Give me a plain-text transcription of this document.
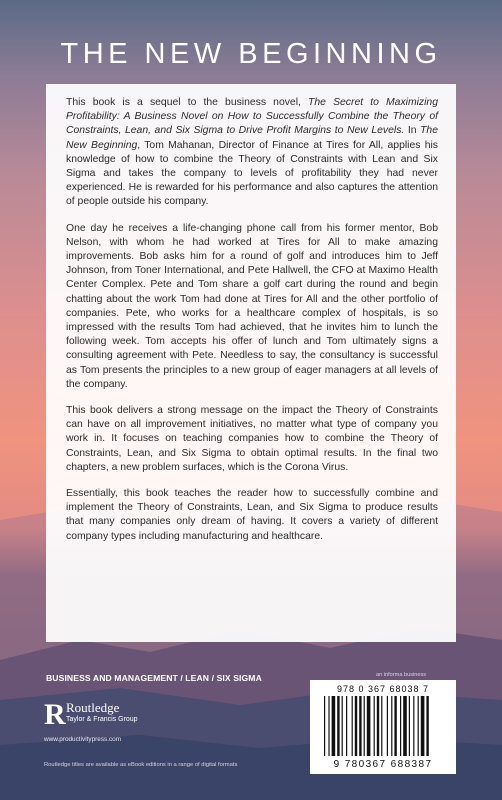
THE NEW BEGINNING

This book is a sequel to the business novel, The Secret to Maximizing Profitability: A Business Novel on How to Successfully Combine the Theory of Constraints, Lean, and Six Sigma to Drive Profit Margins to New Levels. In The New Beginning, Tom Mahanan, Director of Finance at Tires for All, applies his knowledge of how to combine the Theory of Constraints with Lean and Six Sigma and takes the company to levels of profitability they had never experienced. He is rewarded for his performance and also captures the attention of people outside his company.

One day he receives a life-changing phone call from his former mentor, Bob Nelson, with whom he had worked at Tires for All to make amazing improvements. Bob asks him for a round of golf and introduces him to Jeff Johnson, from Toner International, and Pete Hallwell, the CFO at Maximo Health Center Complex. Pete and Tom share a golf cart during the round and begin chatting about the work Tom had done at Tires for All and the other portfolio of companies. Pete, who works for a healthcare complex of hospitals, is so impressed with the results Tom had achieved, that he invites him to lunch the following week. Tom accepts his offer of lunch and Tom ultimately signs a consulting agreement with Pete. Needless to say, the consultancy is successful as Tom presents the principles to a new group of eager managers at all levels of the company.

This book delivers a strong message on the impact the Theory of Constraints can have on all improvement initiatives, no matter what type of company you work in. It focuses on teaching companies how to combine the Theory of Constraints, Lean, and Six Sigma to obtain optimal results. In the final two chapters, a new problem surfaces, which is the Corona Virus.

Essentially, this book teaches the reader how to successfully combine and implement the Theory of Constraints, Lean, and Six Sigma to produce results that many companies only dream of having. It covers a variety of different company types including manufacturing and healthcare.

BUSINESS AND MANAGEMENT / LEAN / SIX SIGMA	an informa business
R Routledge
Taylor & Francis Group
www.productivitypress.com
Routledge titles are available as eBook editions in a range of digital formats
978 0 367 68038 7
9 780367 688387
